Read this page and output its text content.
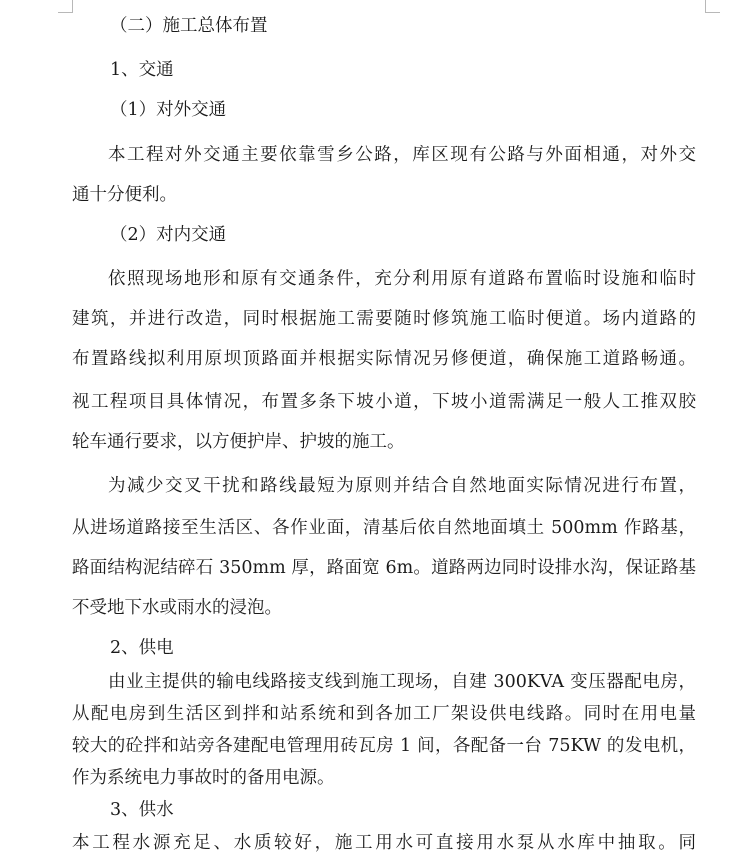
（二）施工总体布置
1、交通
（1）对外交通
本工程对外交通主要依靠雪乡公路，库区现有公路与外面相通，对外交
通十分便利。
（2）对内交通
依照现场地形和原有交通条件，充分利用原有道路布置临时设施和临时
建筑，并进行改造，同时根据施工需要随时修筑施工临时便道。场内道路的
布置路线拟利用原坝顶路面并根据实际情况另修便道，确保施工道路畅通。
视工程项目具体情况，布置多条下坡小道，下坡小道需满足一般人工推双胶
轮车通行要求，以方便护岸、护坡的施工。
为减少交叉干扰和路线最短为原则并结合自然地面实际情况进行布置，
从进场道路接至生活区、各作业面，清基后依自然地面填土 500mm 作路基，
路面结构泥结碎石 350mm 厚，路面宽 6m。道路两边同时设排水沟，保证路基
不受地下水或雨水的浸泡。
2、供电
由业主提供的输电线路接支线到施工现场，自建 300KVA 变压器配电房，
从配电房到生活区到拌和站系统和到各加工厂架设供电线路。同时在用电量
较大的砼拌和站旁各建配电管理用砖瓦房 1 间，各配备一台 75KW 的发电机，
作为系统电力事故时的备用电源。
3、供水
本工程水源充足、水质较好，施工用水可直接用水泵从水库中抽取。同
